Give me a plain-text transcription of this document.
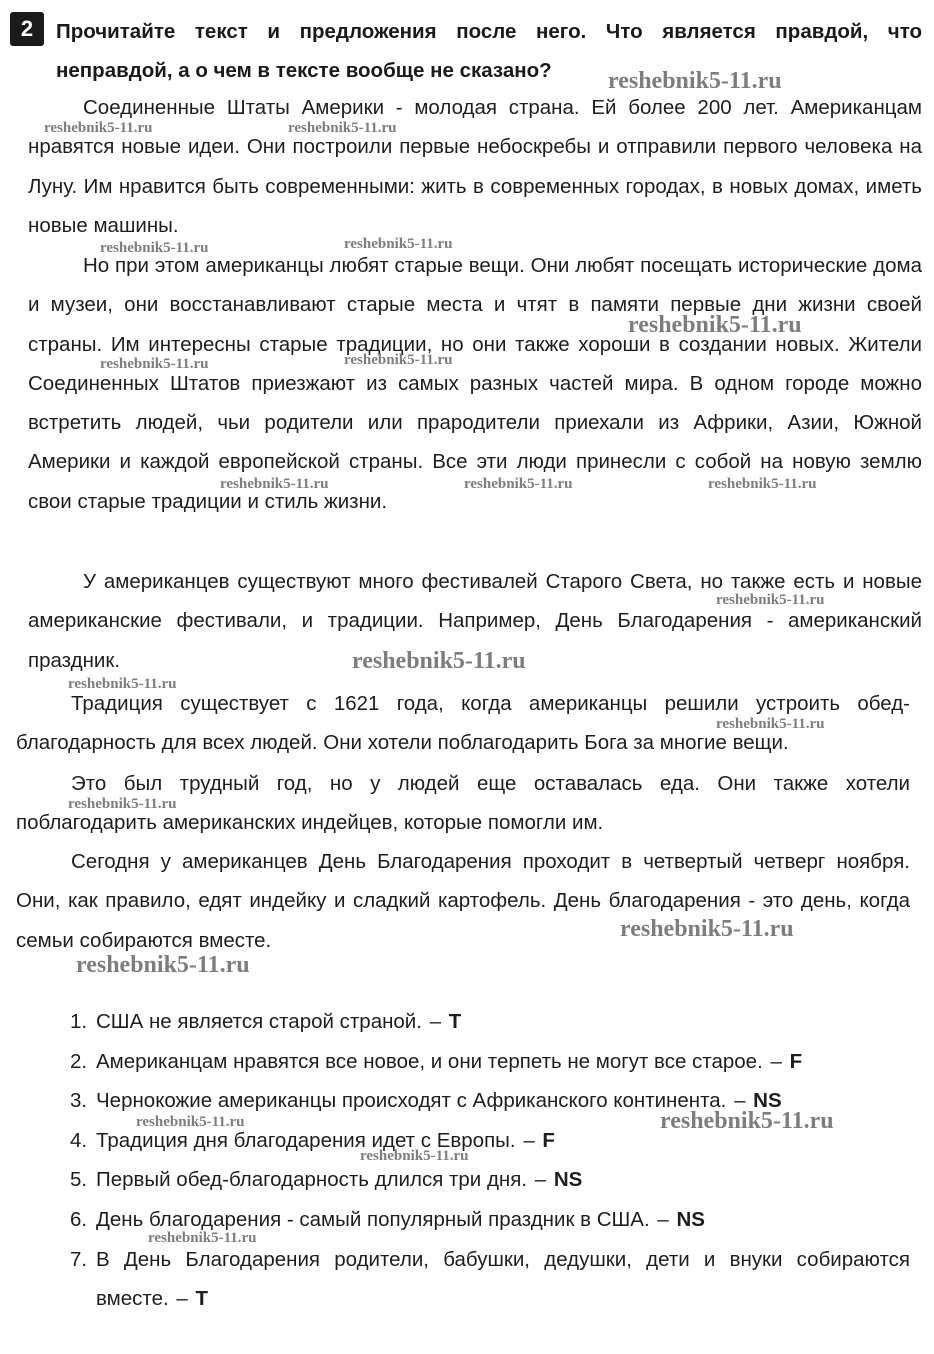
2	Прочитайте текст и предложения после него. Что является правдой, что
неправдой, а о чем в тексте вообще не сказано?

Соединенные Штаты Америки - молодая страна. Ей более 200 лет. Американцам нравятся новые идеи. Они построили первые небоскребы и отправили первого человека на Луну. Им нравится быть современными: жить в современных городах, в новых домах, иметь новые машины.

Но при этом американцы любят старые вещи. Они любят посещать исторические дома и музеи, они восстанавливают старые места и чтят в памяти первые дни жизни своей страны. Им интересны старые традиции, но они также хороши в создании новых. Жители Соединенных Штатов приезжают из самых разных частей мира. В одном городе можно встретить людей, чьи родители или прародители приехали из Африки, Азии, Южной Америки и каждой европейской страны. Все эти люди принесли с собой на новую землю свои старые традиции и стиль жизни.

У американцев существуют много фестивалей Старого Света, но также есть и новые американские фестивали, и традиции. Например, День Благодарения - американский праздник.

Традиция существует с 1621 года, когда американцы решили устроить обед-благодарность для всех людей. Они хотели поблагодарить Бога за многие вещи.

Это был трудный год, но у людей еще оставалась еда. Они также хотели поблагодарить американских индейцев, которые помогли им.

Сегодня у американцев День Благодарения проходит в четвертый четверг ноября. Они, как правило, едят индейку и сладкий картофель. День благодарения - это день, когда семьи собираются вместе.

1. США не является старой страной. – T
2. Американцам нравятся все новое, и они терпеть не могут все старое. – F
3. Чернокожие американцы происходят с Африканского континента. – NS
4. Традиция дня благодарения идет с Европы. – F
5. Первый обед-благодарность длился три дня. – NS
6. День благодарения - самый популярный праздник в США. – NS
7. В День Благодарения родители, бабушки, дедушки, дети и внуки собираются вместе. – T
reshebnik5-11.ru
reshebnik5-11.ru	reshebnik5-11.ru
reshebnik5-11.ru	reshebnik5-11.ru
reshebnik5-11.ru
reshebnik5-11.ru	reshebnik5-11.ru
reshebnik5-11.ru	reshebnik5-11.ru	reshebnik5-11.ru
reshebnik5-11.ru
reshebnik5-11.ru
reshebnik5-11.ru
reshebnik5-11.ru
reshebnik5-11.ru
reshebnik5-11.ru
reshebnik5-11.ru
reshebnik5-11.ru	reshebnik5-11.ru
reshebnik5-11.ru
reshebnik5-11.ru
